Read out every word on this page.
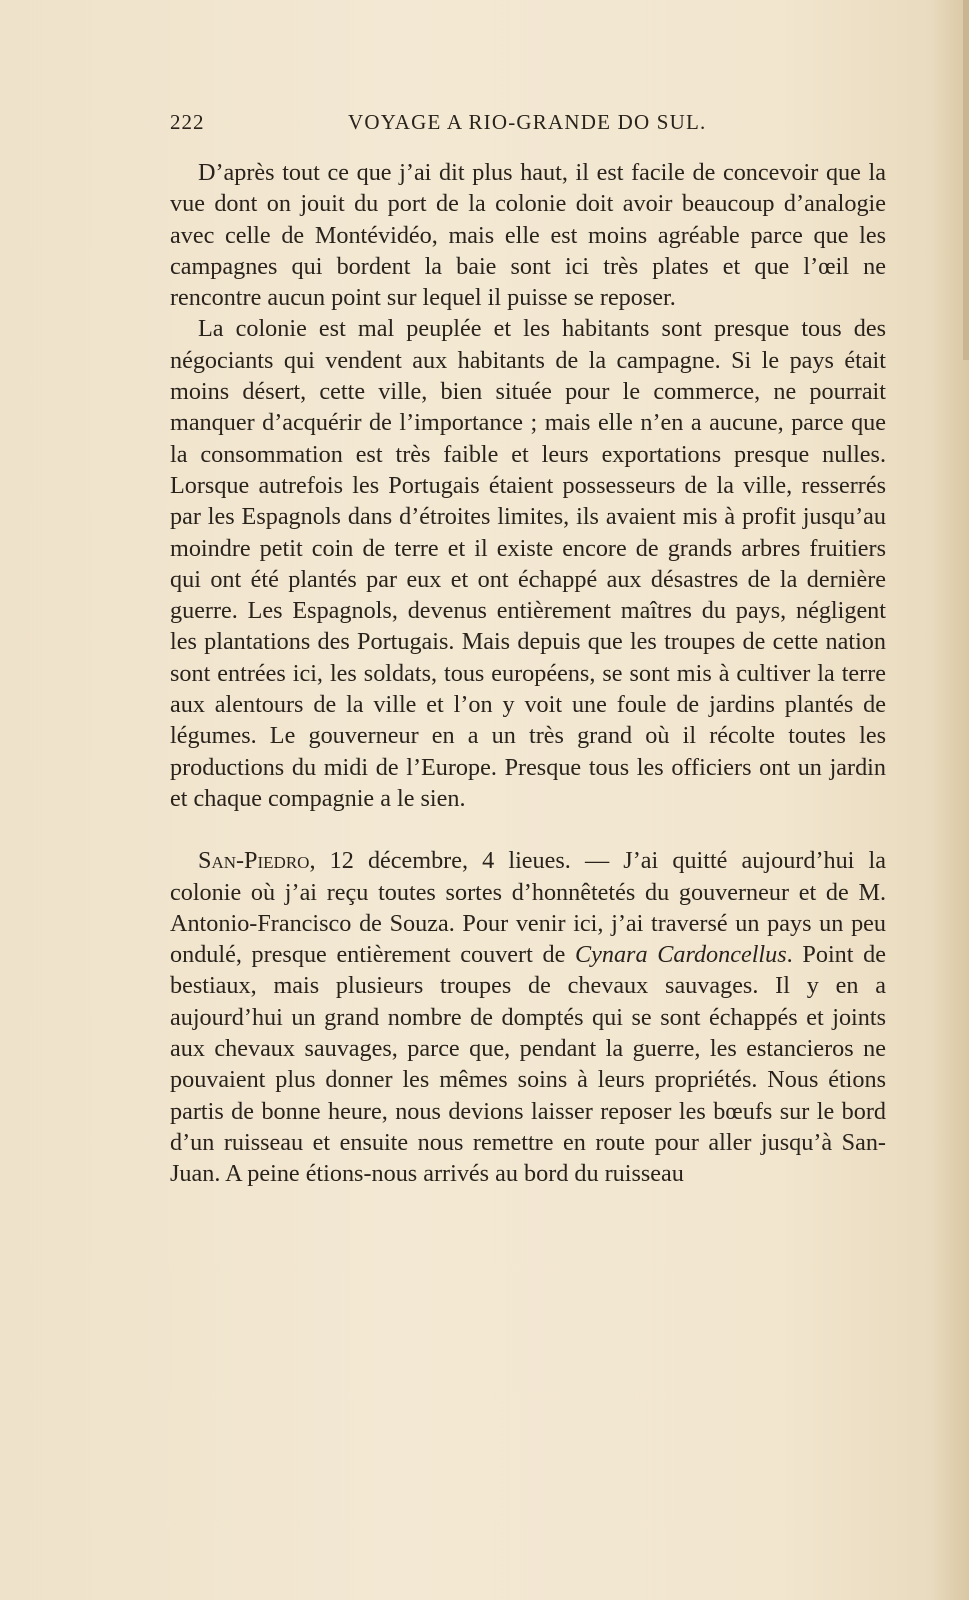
222	VOYAGE A RIO-GRANDE DO SUL.

D’après tout ce que j’ai dit plus haut, il est facile de concevoir que la vue dont on jouit du port de la colonie doit avoir beaucoup d’analogie avec celle de Montévidéo, mais elle est moins agréable parce que les campagnes qui bordent la baie sont ici très plates et que l’œil ne rencontre aucun point sur lequel il puisse se reposer.

La colonie est mal peuplée et les habitants sont presque tous des négociants qui vendent aux habitants de la campagne. Si le pays était moins désert, cette ville, bien située pour le commerce, ne pourrait manquer d’acquérir de l’importance ; mais elle n’en a aucune, parce que la consommation est très faible et leurs exportations presque nulles. Lorsque autrefois les Portugais étaient possesseurs de la ville, resserrés par les Espagnols dans d’étroites limites, ils avaient mis à profit jusqu’au moindre petit coin de terre et il existe encore de grands arbres fruitiers qui ont été plantés par eux et ont échappé aux désastres de la dernière guerre. Les Espagnols, devenus entièrement maîtres du pays, négligent les plantations des Portugais. Mais depuis que les troupes de cette nation sont entrées ici, les soldats, tous européens, se sont mis à cultiver la terre aux alentours de la ville et l’on y voit une foule de jardins plantés de légumes. Le gouverneur en a un très grand où il récolte toutes les productions du midi de l’Europe. Presque tous les officiers ont un jardin et chaque compagnie a le sien.

San-Piedro, 12 décembre, 4 lieues. — J’ai quitté aujourd’hui la colonie où j’ai reçu toutes sortes d’honnêtetés du gouverneur et de M. Antonio-Francisco de Souza. Pour venir ici, j’ai traversé un pays un peu ondulé, presque entièrement couvert de Cynara Cardoncellus. Point de bestiaux, mais plusieurs troupes de chevaux sauvages. Il y en a aujourd’hui un grand nombre de domptés qui se sont échappés et joints aux chevaux sauvages, parce que, pendant la guerre, les estancieros ne pouvaient plus donner les mêmes soins à leurs propriétés. Nous étions partis de bonne heure, nous devions laisser reposer les bœufs sur le bord d’un ruisseau et ensuite nous remettre en route pour aller jusqu’à San-Juan. A peine étions-nous arrivés au bord du ruisseau
